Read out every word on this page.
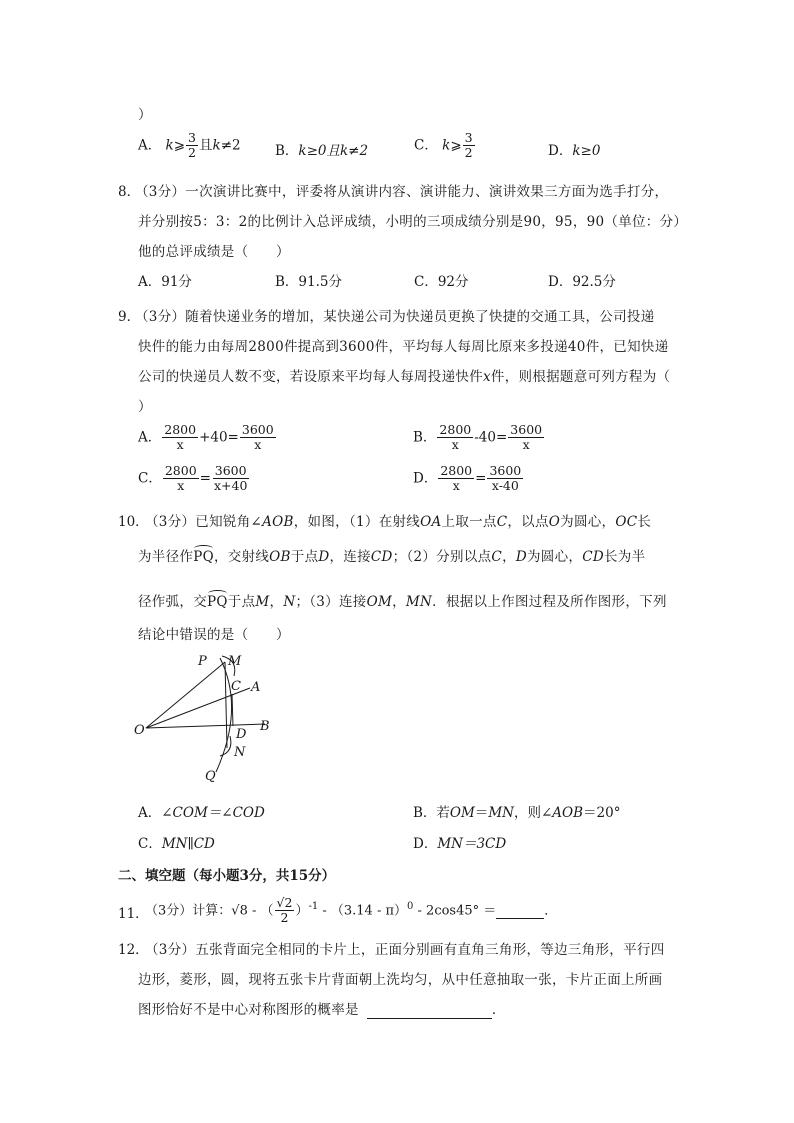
）
A． k⩾ $\frac{3}{2}$ 且k≠2	B．k≥0且k≠2	C． k⩾ $\frac{3}{2}$	D．k≥0
8．
（3分）一次演讲比赛中，评委将从演讲内容、演讲能力、演讲效果三方面为选手打分，
并分别按5：3：2的比例计入总评成绩，小明的三项成绩分别是90，95，90（单位：分）
他的总评成绩是（　　）
A．91分	B．91.5分	C．92分	D．92.5分
9．
（3分）随着快递业务的增加，某快递公司为快递员更换了快捷的交通工具，公司投递
快件的能力由每周2800件提高到3600件，平均每人每周比原来多投递40件，已知快递
公司的快递员人数不变，若设原来平均每人每周投递快件x件，则根据题意可列方程为（
）
A． $\frac{2800}{x} +40= \frac{3600}{x}$	B． $\frac{2800}{x} -40= \frac{3600}{x}$
C． $\frac{2800}{x} = \frac{3600}{x+40}$	D． $\frac{2800}{x} = \frac{3600}{x-40}$
10．
（3分）已知锐角∠AOB，如图，（1）在射线OA上取一点C，以点O为圆心，OC长
为半径作PQ，交射线OB于点D，连接CD；（2）分别以点C，D为圆心，CD长为半
径作弧，交PQ于点M，N；（3）连接OM，MN．根据以上作图过程及所作图形，下列
结论中错误的是（　　）
P M
C A
O	B
D
N
Q
A．∠COM＝∠COD	B．若OM＝MN，则∠AOB＝20°
C．MN∥CD	D．MN＝3CD
二、填空题（每小题3分，共15分）
11．
（3分）计算：√8 - （ $\frac{√2}{2} )^{-1} - (3.14 - \pi)^0 - 2\cos 45^\circ$ ＝	．
12．
（3分）五张背面完全相同的卡片上，正面分别画有直角三角形，等边三角形，平行四
边形，菱形，圆，现将五张卡片背面朝上洗均匀，从中任意抽取一张，卡片正面上所画
图形恰好不是中心对称图形的概率是	．
